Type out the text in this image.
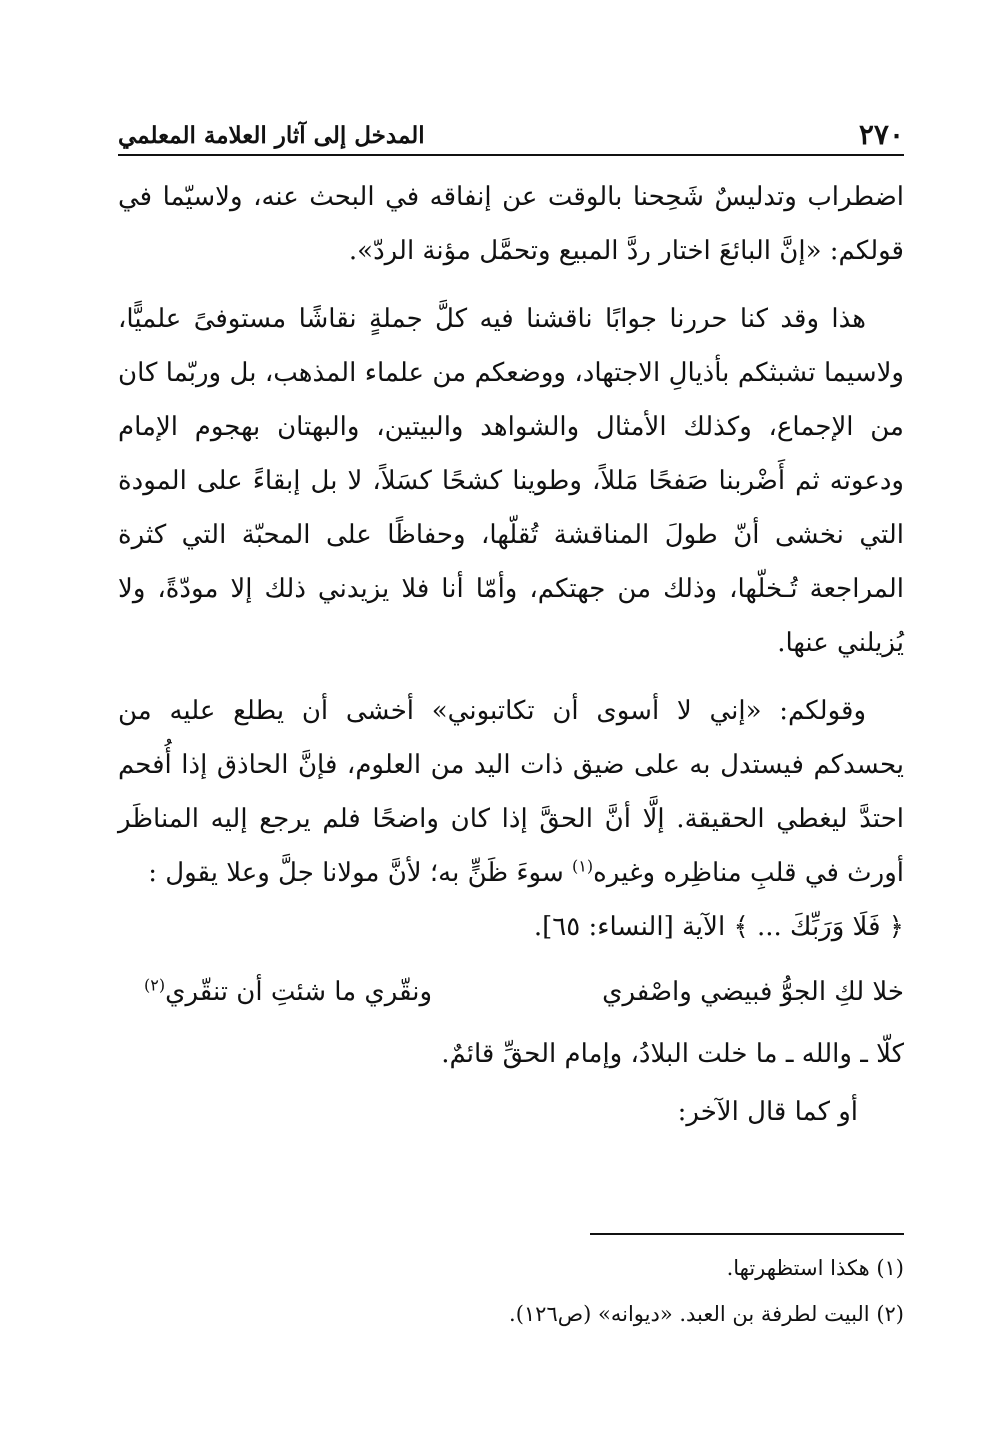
٢٧٠
المدخل إلى آثار العلامة المعلمي

اضطراب وتدليسٌ شَحِحنا بالوقت عن إنفاقه في البحث عنه، ولاسيّما في قولكم: «إنَّ البائعَ اختار ردَّ المبيع وتحمَّل مؤنة الردّ».

هذا وقد كنا حررنا جوابًا ناقشنا فيه كلَّ جملةٍ نقاشًا مستوفىً علميًّا، ولاسيما تشبثكم بأذيالِ الاجتهاد، ووضعكم من علماء المذهب، بل وربّما كان من الإجماع، وكذلك الأمثال والشواهد والبيتين، والبهتان بهجوم الإمام ودعوته ثم أَضْربنا صَفحًا مَللاً، وطوينا كشحًا كسَلاً، لا بل إبقاءً على المودة التي نخشى أنّ طولَ المناقشة تُقلّها، وحفاظًا على المحبّة التي كثرة المراجعة تُـخلّها، وذلك من جهتكم، وأمّا أنا فلا يزيدني ذلك إلا مودّةً، ولا يُزيلني عنها.

وقولكم: «إني لا أسوى أن تكاتبوني» أخشى أن يطلع عليه من يحسدكم فيستدل به على ضيق ذات اليد من العلوم، فإنَّ الحاذق إذا أُفحم احتدَّ ليغطي الحقيقة. إلَّا أنَّ الحقَّ إذا كان واضحًا فلم يرجع إليه المناظَر أورث في قلبِ مناظِره وغيره$^{(١)}$ سوءَ ظَنٍّ به؛ لأنَّ مولانا جلَّ وعلا يقول :
﴿ فَلَا وَرَبِّكَ ... ﴾ الآية [النساء: ٦٥].

خلا لكِ الجوُّ فبيضي واصْفري
ونقّري ما شئتِ أن تنقّري$^{(٢)}$
كلّا ـ والله ـ ما خلت البلادُ، وإمام الحقِّ قائمٌ.
أو كما قال الآخر:

(١) هكذا استظهرتها.

(٢) البيت لطرفة بن العبد. «ديوانه» (ص١٢٦).
